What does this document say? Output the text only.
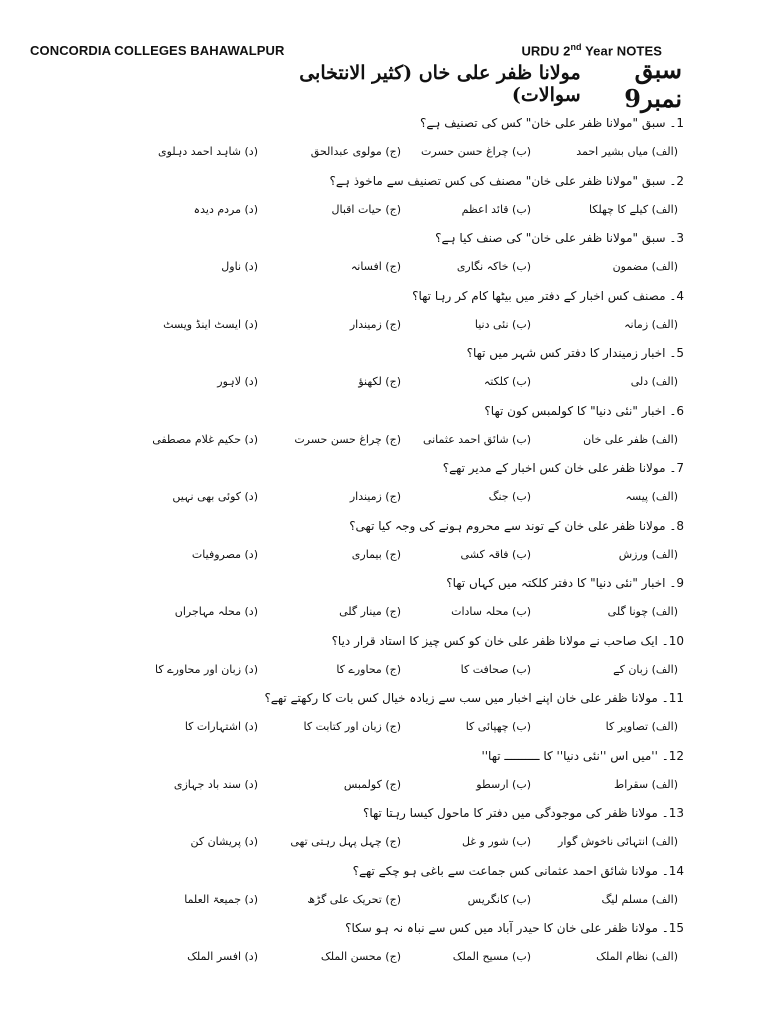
CONCORDIA COLLEGES BAHAWALPUR	URDU 2nd Year NOTES
سبق نمبر9
مولانا ظفر علی خاں (کثیر الانتخابی سوالات)
1۔ سبق "مولانا ظفر علی خان" کس کی تصنیف ہے؟
(الف) میاں بشیر احمد
(ب) چراغ حسن حسرت
(ج) مولوی عبدالحق
(د) شاہد احمد دہلوی
2۔ سبق "مولانا ظفر علی خان" مصنف کی کس تصنیف سے ماخوذ ہے؟
(الف) کیلے کا چھلکا
(ب) قائد اعظم
(ج) حیات اقبال
(د) مردم دیدہ
3۔ سبق "مولانا ظفر علی خان" کی صنف کیا ہے؟
(الف) مضمون
(ب) خاکہ نگاری
(ج) افسانہ
(د) ناول
4۔ مصنف کس اخبار کے دفتر میں بیٹھا کام کر رہا تھا؟
(الف) زمانہ
(ب) نئی دنیا
(ج) زمیندار
(د) ایسٹ اینڈ ویسٹ
5۔ اخبار زمیندار کا دفتر کس شہر میں تھا؟
(الف) دلی
(ب) کلکتہ
(ج) لکھنؤ
(د) لاہور
6۔ اخبار "نئی دنیا" کا کولمبس کون تھا؟
(الف) ظفر علی خان
(ب) شائق احمد عثمانی
(ج) چراغ حسن حسرت
(د) حکیم غلام مصطفی
7۔ مولانا ظفر علی خان کس اخبار کے مدیر تھے؟
(الف) پیسہ
(ب) جنگ
(ج) زمیندار
(د) کوئی بھی نہیں
8۔ مولانا ظفر علی خان کے توند سے محروم ہونے کی وجہ کیا تھی؟
(الف) ورزش
(ب) فاقہ کشی
(ج) بیماری
(د) مصروفیات
9۔ اخبار "نئی دنیا" کا دفتر کلکتہ میں کہاں تھا؟
(الف) چونا گلی
(ب) محلہ سادات
(ج) مینار گلی
(د) محلہ مہاجراں
10۔ ایک صاحب نے مولانا ظفر علی خان کو کس چیز کا استاد قرار دیا؟
(الف) زبان کے
(ب) صحافت کا
(ج) محاورے کا
(د) زبان اور محاورے کا
11۔ مولانا ظفر علی خان اپنے اخبار میں سب سے زیادہ خیال کس بات کا رکھتے تھے؟
(الف) تصاویر کا
(ب) چھپائی کا
(ج) زبان اور کتابت کا
(د) اشتہارات کا
12۔ ''میں اس ''نئی دنیا'' کا ــــــــــ تھا''
(الف) سقراط
(ب) ارسطو
(ج) کولمبس
(د) سند باد جہازی
13۔ مولانا ظفر کی موجودگی میں دفتر کا ماحول کیسا رہتا تھا؟
(الف) انتہائی ناخوش گوار
(ب) شور و غل
(ج) چہل پہل رہتی تھی
(د) پریشان کن
14۔ مولانا شائق احمد عثمانی کس جماعت سے باغی ہو چکے تھے؟
(الف) مسلم لیگ
(ب) کانگریس
(ج) تحریک علی گڑھ
(د) جمیعۃ العلما
15۔ مولانا ظفر علی خان کا حیدر آباد میں کس سے نباہ نہ ہو سکا؟
(الف) نظام الملک
(ب) مسیح الملک
(ج) محسن الملک
(د) افسر الملک
